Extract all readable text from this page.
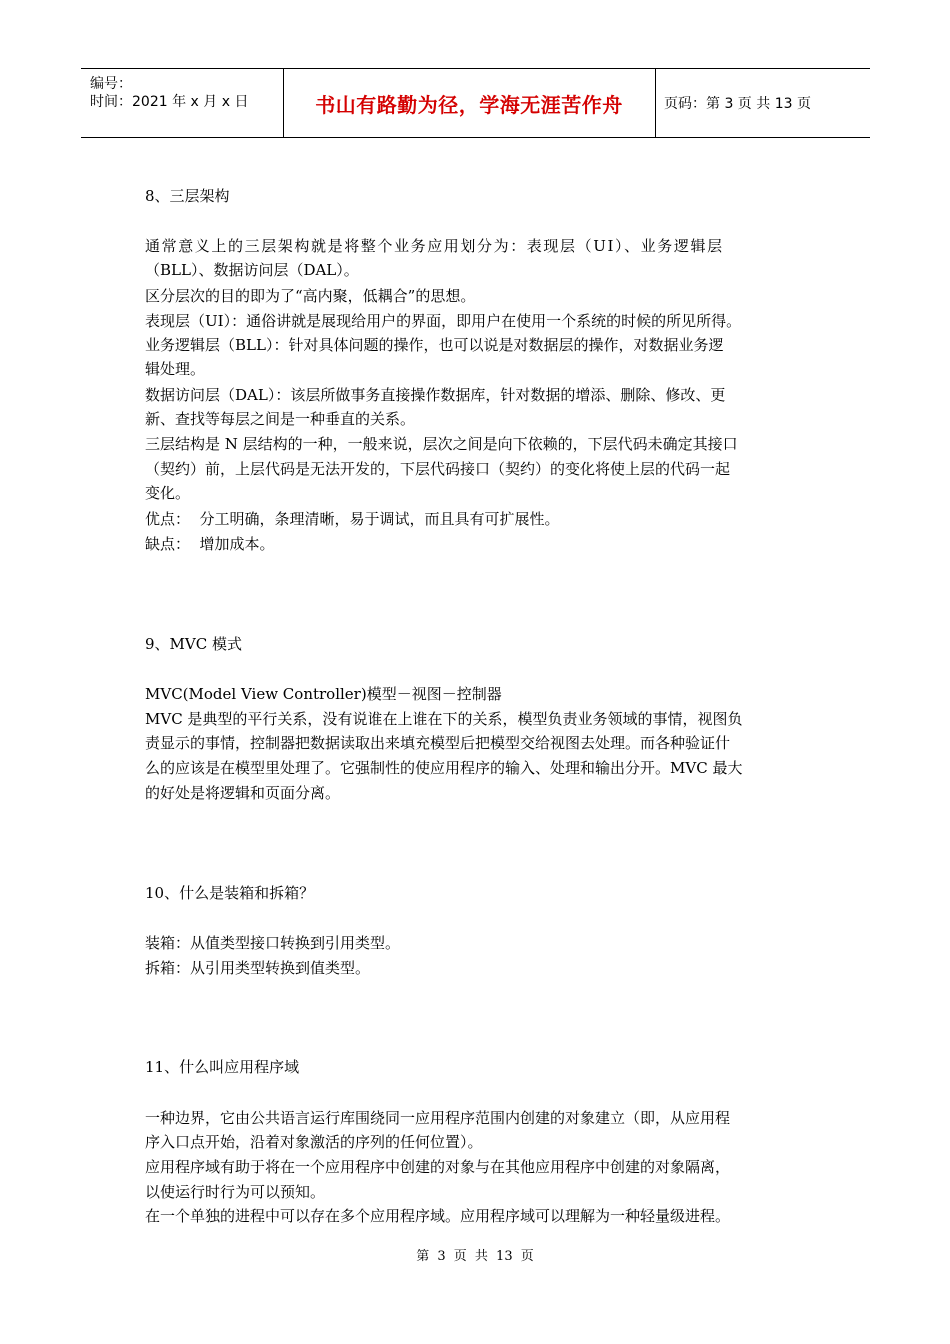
编号：
时间：2021 年 x 月 x 日	书山有路勤为径，学海无涯苦作舟	页码：第 3 页 共 13 页
8、三层架构
通常意义上的三层架构就是将整个业务应用划分为：表现层（UI）、业务逻辑层
（BLL）、数据访问层（DAL）。
区分层次的目的即为了“高内聚，低耦合”的思想。
表现层（UI）：通俗讲就是展现给用户的界面，即用户在使用一个系统的时候的所见所得。
业务逻辑层（BLL）：针对具体问题的操作，也可以说是对数据层的操作，对数据业务逻
辑处理。
数据访问层（DAL）：该层所做事务直接操作数据库，针对数据的增添、删除、修改、更
新、查找等每层之间是一种垂直的关系。
三层结构是 N 层结构的一种，一般来说，层次之间是向下依赖的，下层代码未确定其接口
（契约）前，上层代码是无法开发的，下层代码接口（契约）的变化将使上层的代码一起
变化。
优点：  分工明确，条理清晰，易于调试，而且具有可扩展性。
缺点：  增加成本。
9、MVC 模式
MVC(Model View Controller)模型－视图－控制器
MVC 是典型的平行关系，没有说谁在上谁在下的关系，模型负责业务领域的事情，视图负
责显示的事情，控制器把数据读取出来填充模型后把模型交给视图去处理。而各种验证什
么的应该是在模型里处理了。它强制性的使应用程序的输入、处理和输出分开。MVC 最大
的好处是将逻辑和页面分离。
10、什么是装箱和拆箱？
装箱：从值类型接口转换到引用类型。
拆箱：从引用类型转换到值类型。
11、什么叫应用程序域
一种边界，它由公共语言运行库围绕同一应用程序范围内创建的对象建立（即，从应用程
序入口点开始，沿着对象激活的序列的任何位置）。
应用程序域有助于将在一个应用程序中创建的对象与在其他应用程序中创建的对象隔离，
以使运行时行为可以预知。
在一个单独的进程中可以存在多个应用程序域。应用程序域可以理解为一种轻量级进程。
第 3 页 共 13 页
